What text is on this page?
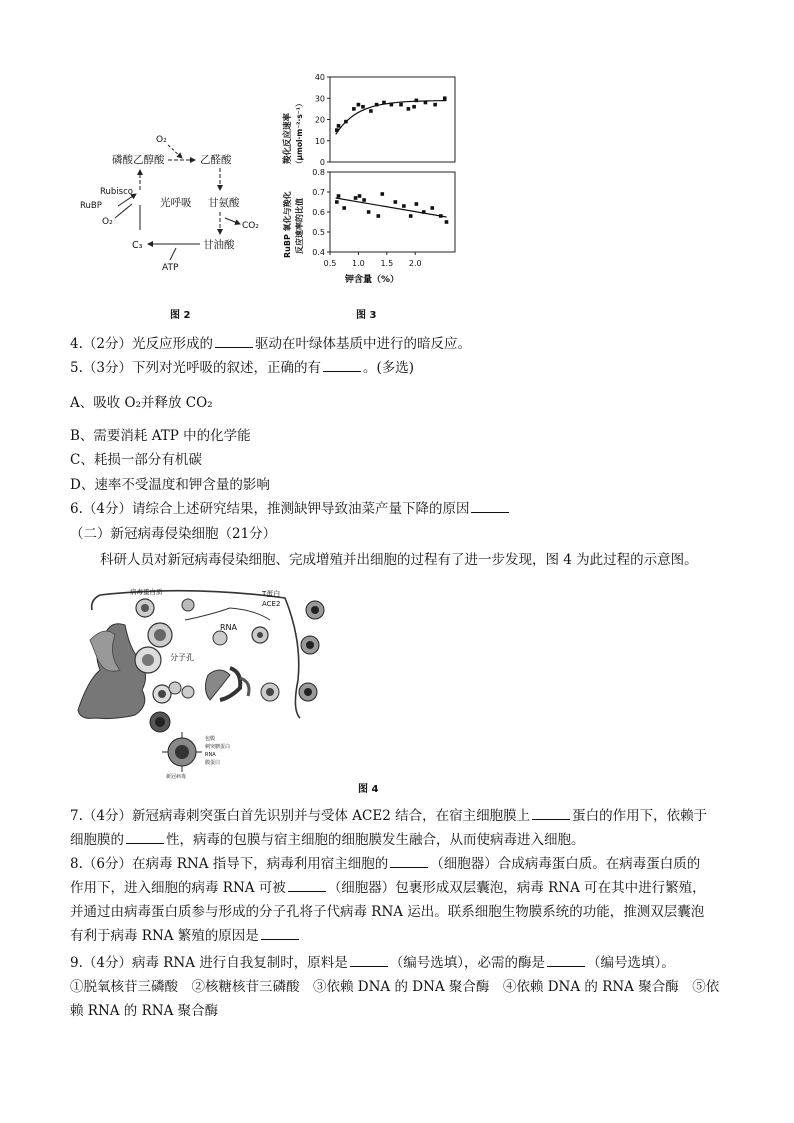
O₂
磷酸乙醇酸	乙醛酸
Rubisco
RuBP
O₂
光呼吸 甘氨酸
CO₂
C₃	甘油酸
ATP
图 2
羧化反应速率 （μmol·m⁻²·s⁻¹）
RuBP 氧化与羧化 反应速率的比值
0
10
20
30
40
0.4
0.5
0.6
0.7
0.8
0.5 1.0 1.5 2.0
钾含量（%）
图 3
4.（2分）光反应形成的	驱动在叶绿体基质中进行的暗反应。
5.（3分）下列对光呼吸的叙述，正确的有	。(多选)
A、吸收 O₂并释放 CO₂
B、需要消耗 ATP 中的化学能
C、耗损一部分有机碳
D、速率不受温度和钾含量的影响
6.（4分）请综合上述研究结果，推测缺钾导致油菜产量下降的原因
（二）新冠病毒侵染细胞（21分）
科研人员对新冠病毒侵染细胞、完成增殖并出细胞的过程有了进一步发现，图 4 为此过程的示意图。
病毒蛋白质
RNA
T蛋白
ACE2
分子孔
包膜
刺突糖蛋白
RNA
膜蛋白
新冠病毒
图 4
7.（4分）新冠病毒刺突蛋白首先识别并与受体 ACE2 结合，在宿主细胞膜上	蛋白的作用下，依赖于
细胞膜的	性，病毒的包膜与宿主细胞的细胞膜发生融合，从而使病毒进入细胞。
8.（6分）在病毒 RNA 指导下，病毒利用宿主细胞的	（细胞器）合成病毒蛋白质。在病毒蛋白质的
作用下，进入细胞的病毒 RNA 可被	（细胞器）包裹形成双层囊泡，病毒 RNA 可在其中进行繁殖，
并通过由病毒蛋白质参与形成的分子孔将子代病毒 RNA 运出。联系细胞生物膜系统的功能，推测双层囊泡
有利于病毒 RNA 繁殖的原因是
9.（4分）病毒 RNA 进行自我复制时，原料是	（编号选填），必需的酶是	（编号选填）。
①脱氧核苷三磷酸　②核糖核苷三磷酸　③依赖 DNA 的 DNA 聚合酶　④依赖 DNA 的 RNA 聚合酶　⑤依
赖 RNA 的 RNA 聚合酶
